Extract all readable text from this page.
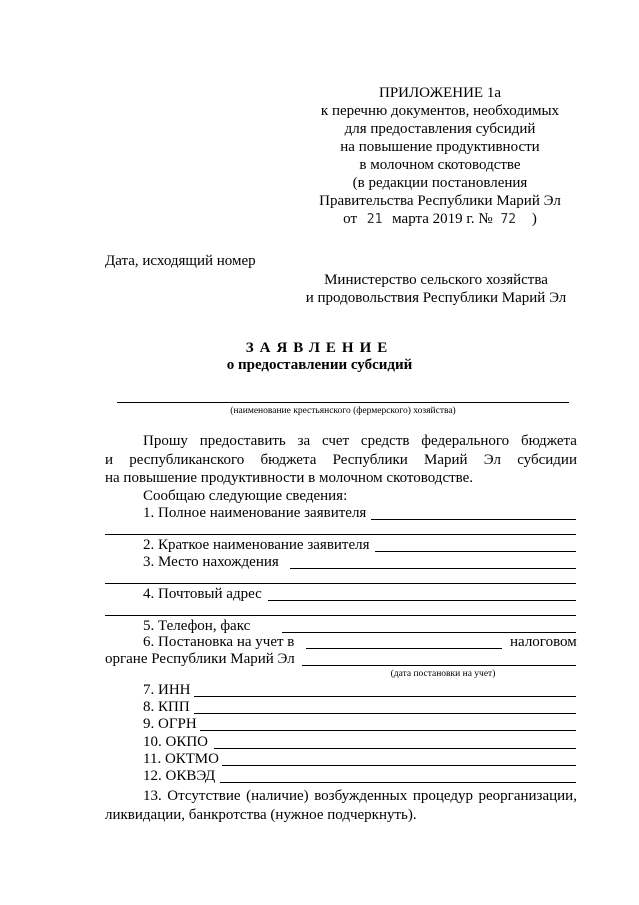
ПРИЛОЖЕНИЕ 1а
к перечню документов, необходимых
для предоставления субсидий
на повышение продуктивности
в молочном скотоводстве
(в редакции постановления
Правительства Республики Марий Эл
от 21 марта 2019 г. № 72 )
Дата, исходящий номер
Министерство сельского хозяйства
и продовольствия Республики Марий Эл
ЗАЯВЛЕНИЕ
о предоставлении субсидий
(наименование крестьянского (фермерского) хозяйства)
Прошу предоставить за счет средств федерального бюджета
и республиканского бюджета Республики Марий Эл субсидии
на повышение продуктивности в молочном скотоводстве.
Сообщаю следующие сведения:
1. Полное наименование заявителя
2. Краткое наименование заявителя
3. Место нахождения
4. Почтовый адрес
5. Телефон, факс
6. Постановка на учет в	налоговом
органе Республики Марий Эл
(дата постановки на учет)
7. ИНН
8. КПП
9. ОГРН
10. ОКПО
11. ОКТМО
12. ОКВЭД
13. Отсутствие (наличие) возбужденных процедур реорганизации,
ликвидации, банкротства (нужное подчеркнуть).
